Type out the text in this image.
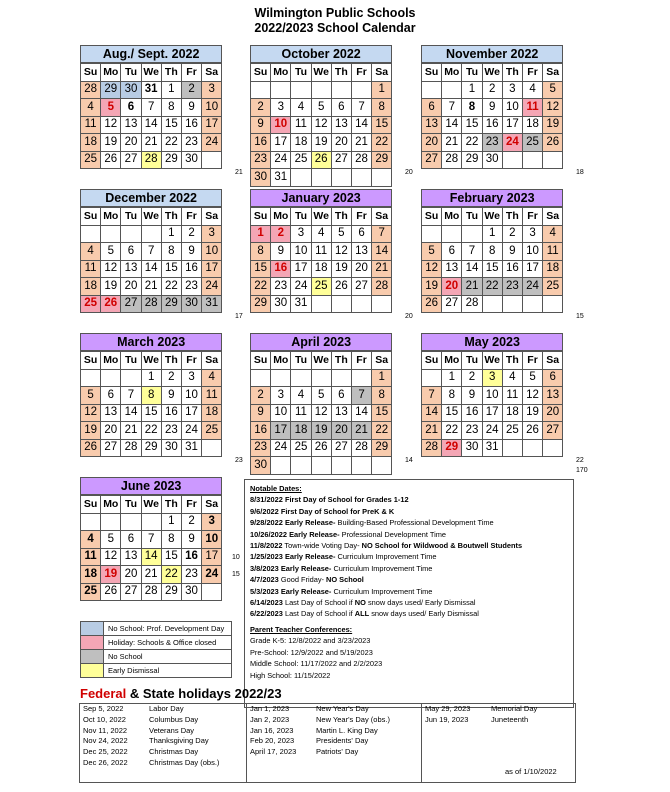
Wilmington Public Schools
2022/2023 School Calendar
Aug./ Sept. 2022
Su	Mo	Tu	We	Th	Fr	Sa
28	29	30	31	1	2	3
4	5	6	7	8	9	10
11	12	13	14	15	16	17
18	19	20	21	22	23	24
25	26	27	28	29	30	
21
October 2022
Su	Mo	Tu	We	Th	Fr	Sa
						1
2	3	4	5	6	7	8
9	10	11	12	13	14	15
16	17	18	19	20	21	22
23	24	25	26	27	28	29
30	31						20
November 2022
Su	Mo	Tu	We	Th	Fr	Sa
		1	2	3	4	5
6	7	8	9	10	11	12
13	14	15	16	17	18	19
20	21	22	23	24	25	26
27	28	29	30			
18
December 2022
Su	Mo	Tu	We	Th	Fr	Sa
				1	2	3
4	5	6	7	8	9	10
11	12	13	14	15	16	17
18	19	20	21	22	23	24
25	26	27	28	29	30	31
17
January 2023
Su	Mo	Tu	We	Th	Fr	Sa
1	2	3	4	5	6	7
8	9	10	11	12	13	14
15	16	17	18	19	20	21
22	23	24	25	26	27	28
29	30	31				
20
February 2023
Su	Mo	Tu	We	Th	Fr	Sa
			1	2	3	4
5	6	7	8	9	10	11
12	13	14	15	16	17	18
19	20	21	22	23	24	25
26	27	28				
15
March 2023
Su	Mo	Tu	We	Th	Fr	Sa
			1	2	3	4
5	6	7	8	9	10	11
12	13	14	15	16	17	18
19	20	21	22	23	24	25
26	27	28	29	30	31	
23
April 2023
Su	Mo	Tu	We	Th	Fr	Sa
						1
2	3	4	5	6	7	8
9	10	11	12	13	14	15
16	17	18	19	20	21	22
23	24	25	26	27	28	29
30							14
May 2023
Su	Mo	Tu	We	Th	Fr	Sa
	1	2	3	4	5	6
7	8	9	10	11	12	13
14	15	16	17	18	19	20
21	22	23	24	25	26	27
28	29	30	31			
22
170
June 2023
Su	Mo	Tu	We	Th	Fr	Sa
				1	2	3
4	5	6	7	8	9	10
11	12	13	14	15	16	17
18	19	20	21	22	23	24
25	26	27	28	29	30	
10
15
Notable Dates:
8/31/2022 First Day of School for Grades 1-12
9/6/2022 First Day of School for PreK & K
9/28/2022 Early Release- Building-Based Professional Development Time
10/26/2022 Early Release- Professional Development Time
11/8/2022 Town-wide Voting Day- NO School for Wildwood & Boutwell Students
1/25/2023 Early Release- Curriculum Improvement Time
3/8/2023 Early Release- Curriculum Improvement Time
4/7/2023 Good Friday- NO School
5/3/2023 Early Release- Curriculum Improvement Time
6/14/2023 Last Day of School if NO snow days used/ Early Dismissal
6/22/2023 Last Day of School if ALL snow days used/ Early Dismissal
Parent Teacher Conferences:
Grade K-5: 12/8/2022 and 3/23/2023
Pre-School: 12/9/2022 and 5/19/2023
Middle School: 11/17/2022 and 2/2/2023
High School: 11/15/2022
No School: Prof. Development Day
Holiday: Schools & Office closed
No School
Early Dismissal
Federal & State holidays 2022/23
Sep 5, 2022	Labor Day
Oct 10, 2022	Columbus Day
Nov 11, 2022	Veterans Day
Nov 24, 2022	Thanksgiving Day
Dec 25, 2022	Christmas Day
Dec 26, 2022	Christmas Day (obs.)
Jan 1, 2023	New Year's Day
Jan 2, 2023	New Year's Day (obs.)
Jan 16, 2023	Martin L. King Day
Feb 20, 2023	Presidents' Day
April 17, 2023	Patriots' Day
May 29, 2023	Memorial Day
Jun 19, 2023	Juneteenth
as of 1/10/2022
